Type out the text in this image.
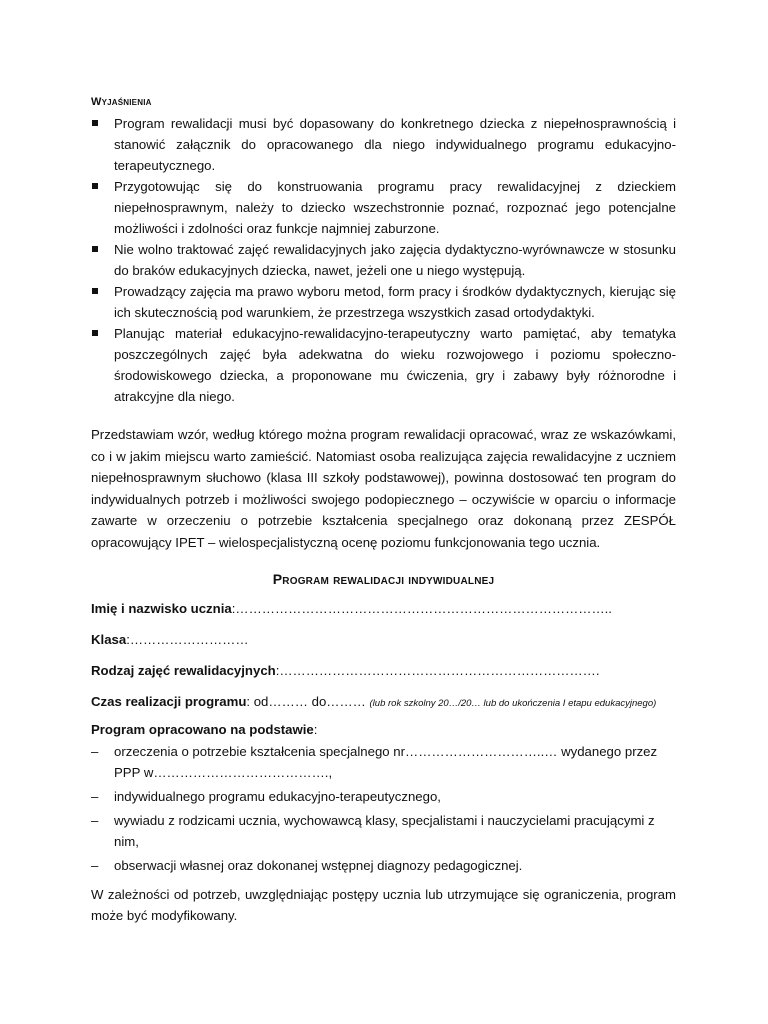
Wyjaśnienia
Program rewalidacji musi być dopasowany do konkretnego dziecka z niepełnosprawnością i stanowić załącznik do opracowanego dla niego indywidualnego programu edukacyjno-terapeutycznego.
Przygotowując się do konstruowania programu pracy rewalidacyjnej z dzieckiem niepełnosprawnym, należy to dziecko wszechstronnie poznać, rozpoznać jego potencjalne możliwości i zdolności oraz funkcje najmniej zaburzone.
Nie wolno traktować zajęć rewalidacyjnych jako zajęcia dydaktyczno-wyrównawcze w stosunku do braków edukacyjnych dziecka, nawet, jeżeli one u niego występują.
Prowadzący zajęcia ma prawo wyboru metod, form pracy i środków dydaktycznych, kierując się ich skutecznością pod warunkiem, że przestrzega wszystkich zasad ortodydaktyki.
Planując materiał edukacyjno-rewalidacyjno-terapeutyczny warto pamiętać, aby tematyka poszczególnych zajęć była adekwatna do wieku rozwojowego i poziomu społeczno-środowiskowego dziecka, a proponowane mu ćwiczenia, gry i zabawy były różnorodne i atrakcyjne dla niego.

Przedstawiam wzór, według którego można program rewalidacji opracować, wraz ze wskazówkami, co i w jakim miejscu warto zamieścić. Natomiast osoba realizująca zajęcia rewalidacyjne z uczniem niepełnosprawnym słuchowo (klasa III szkoły podstawowej), powinna dostosować ten program do indywidualnych potrzeb i możliwości swojego podopiecznego – oczywiście w oparciu o informacje zawarte w orzeczeniu o potrzebie kształcenia specjalnego oraz dokonaną przez ZESPÓŁ opracowujący IPET – wielospecjalistyczną ocenę poziomu funkcjonowania tego ucznia.

Program rewalidacji indywidualnej
Imię i nazwisko ucznia:…………………………………………………………………………..
Klasa:………………………
Rodzaj zajęć rewalidacyjnych:……………………………………………………………….
Czas realizacji programu: od……… do……… (lub rok szkolny 20…/20… lub do ukończenia I etapu edukacyjnego)
Program opracowano na podstawie:
– orzeczenia o potrzebie kształcenia specjalnego nr…………………………..… wydanego przez PPP w………………………………….,
– indywidualnego programu edukacyjno-terapeutycznego,
– wywiadu z rodzicami ucznia, wychowawcą klasy, specjalistami i nauczycielami pracującymi z nim,
– obserwacji własnej oraz dokonanej wstępnej diagnozy pedagogicznej.

W zależności od potrzeb, uwzględniając postępy ucznia lub utrzymujące się ograniczenia, program może być modyfikowany.
